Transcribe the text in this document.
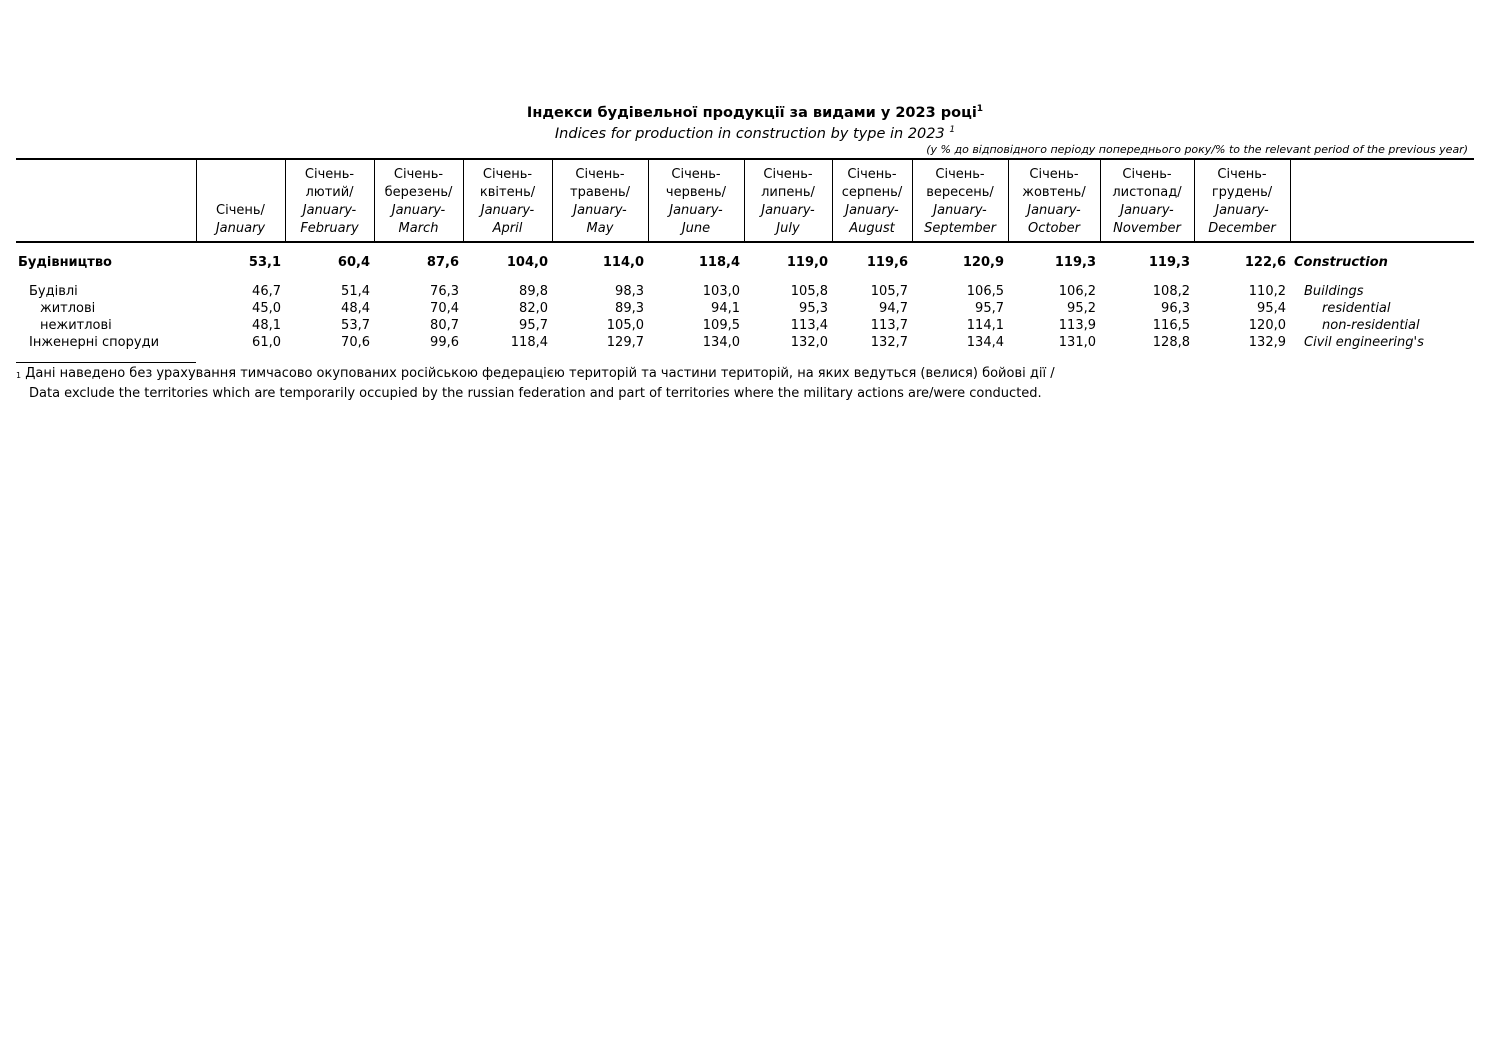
Індекси будівельної продукції за видами у 2023 році$^1$
Indices for production in construction by type in 2023 $^1$
(у % до відповідного періоду попереднього року/% to the relevant period of the previous year)

	Січень/
January	Січень-
лютий/
January-
February	Січень-
березень/
January-
March	Січень-
квітень/
January-
April	Січень-
травень/
January-
May	Січень-
червень/
January-
June	Січень-
липень/
January-
July	Січень-
серпень/
January-
August	Січень-
вересень/
January-
September	Січень-
жовтень/
January-
October	Січень-
листопад/
January-
November	Січень-
грудень/
January-
December	

Будівництво	53,1	60,4	87,6	104,0	114,0	118,4	119,0	119,6	120,9	119,3	119,3	122,6	Construction

Будівлі	46,7	51,4	76,3	89,8	98,3	103,0	105,8	105,7	106,5	106,2	108,2	110,2	Buildings
житлові	45,0	48,4	70,4	82,0	89,3	94,1	95,3	94,7	95,7	95,2	96,3	95,4	residential
нежитлові	48,1	53,7	80,7	95,7	105,0	109,5	113,4	113,7	114,1	113,9	116,5	120,0	non-residential
Інженерні споруди	61,0	70,6	99,6	118,4	129,7	134,0	132,0	132,7	134,4	131,0	128,8	132,9	Civil engineering's
$^1$ Дані наведено без урахування тимчасово окупованих російською федерацією територій та частини територій, на яких ведуться (велися) бойові дії /
Data exclude the territories which are temporarily occupied by the russian federation and part of territories where the military actions are/were conducted.
